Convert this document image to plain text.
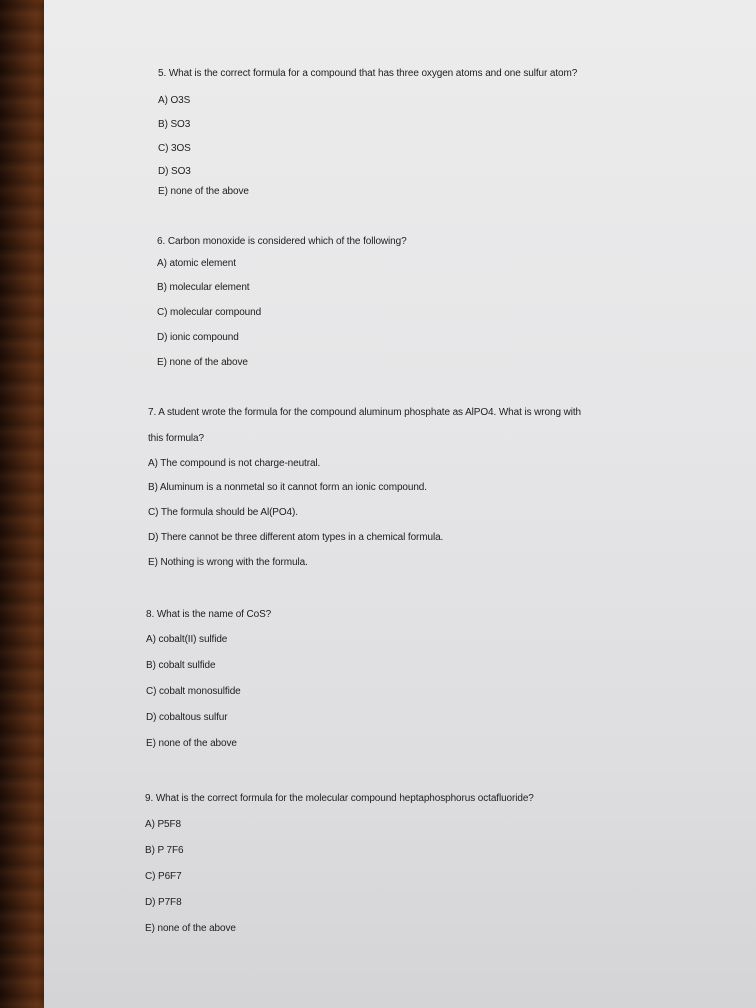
5. What is the correct formula for a compound that has three oxygen atoms and one sulfur atom?
A) O3S
B) SO3
C) 3OS
D) SO3
E) none of the above
6. Carbon monoxide is considered which of the following?
A) atomic element
B) molecular element
C) molecular compound
D) ionic compound
E) none of the above
7. A student wrote the formula for the compound aluminum phosphate as AlPO4. What is wrong with
this formula?
A) The compound is not charge-neutral.
B) Aluminum is a nonmetal so it cannot form an ionic compound.
C) The formula should be Al(PO4).
D) There cannot be three different atom types in a chemical formula.
E) Nothing is wrong with the formula.
8. What is the name of CoS?
A) cobalt(II) sulfide
B) cobalt sulfide
C) cobalt monosulfide
D) cobaltous sulfur
E) none of the above
9. What is the correct formula for the molecular compound heptaphosphorus octafluoride?
A) P5F8
B) P 7F6
C) P6F7
D) P7F8
E) none of the above
